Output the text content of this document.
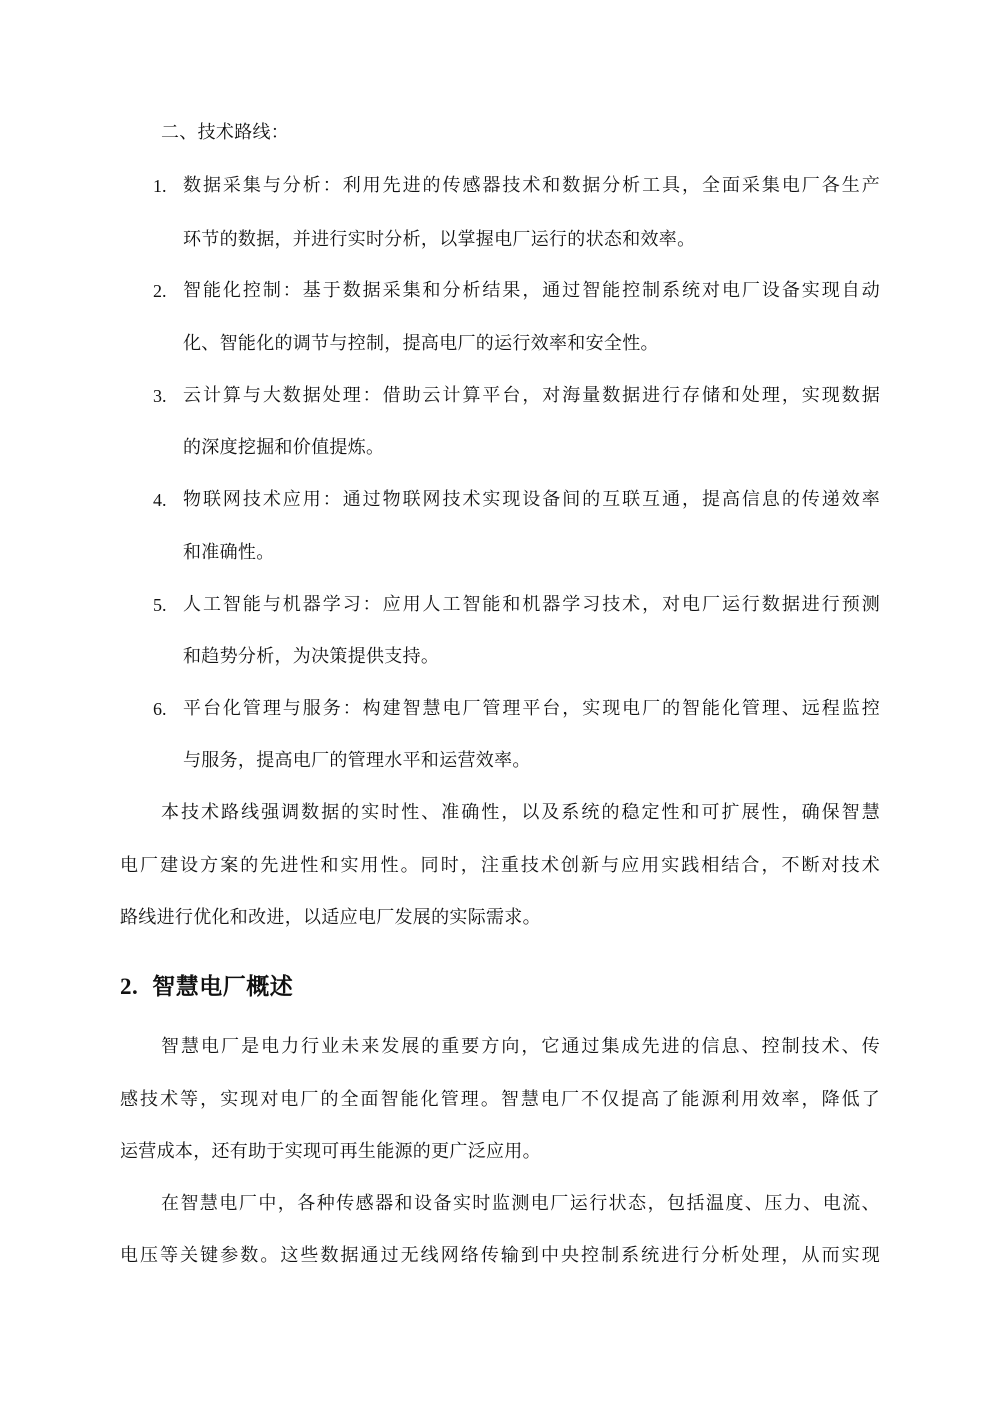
二、技术路线：
1. 数据采集与分析：利用先进的传感器技术和数据分析工具，全面采集电厂各生产
环节的数据，并进行实时分析，以掌握电厂运行的状态和效率。
2. 智能化控制：基于数据采集和分析结果，通过智能控制系统对电厂设备实现自动
化、智能化的调节与控制，提高电厂的运行效率和安全性。
3. 云计算与大数据处理：借助云计算平台，对海量数据进行存储和处理，实现数据
的深度挖掘和价值提炼。
4. 物联网技术应用：通过物联网技术实现设备间的互联互通，提高信息的传递效率
和准确性。
5. 人工智能与机器学习：应用人工智能和机器学习技术，对电厂运行数据进行预测
和趋势分析，为决策提供支持。
6. 平台化管理与服务：构建智慧电厂管理平台，实现电厂的智能化管理、远程监控
与服务，提高电厂的管理水平和运营效率。
本技术路线强调数据的实时性、准确性，以及系统的稳定性和可扩展性，确保智慧
电厂建设方案的先进性和实用性。同时，注重技术创新与应用实践相结合，不断对技术
路线进行优化和改进，以适应电厂发展的实际需求。
2. 智慧电厂概述
智慧电厂是电力行业未来发展的重要方向，它通过集成先进的信息、控制技术、传
感技术等，实现对电厂的全面智能化管理。智慧电厂不仅提高了能源利用效率，降低了
运营成本，还有助于实现可再生能源的更广泛应用。
在智慧电厂中，各种传感器和设备实时监测电厂运行状态，包括温度、压力、电流、
电压等关键参数。这些数据通过无线网络传输到中央控制系统进行分析处理，从而实现
